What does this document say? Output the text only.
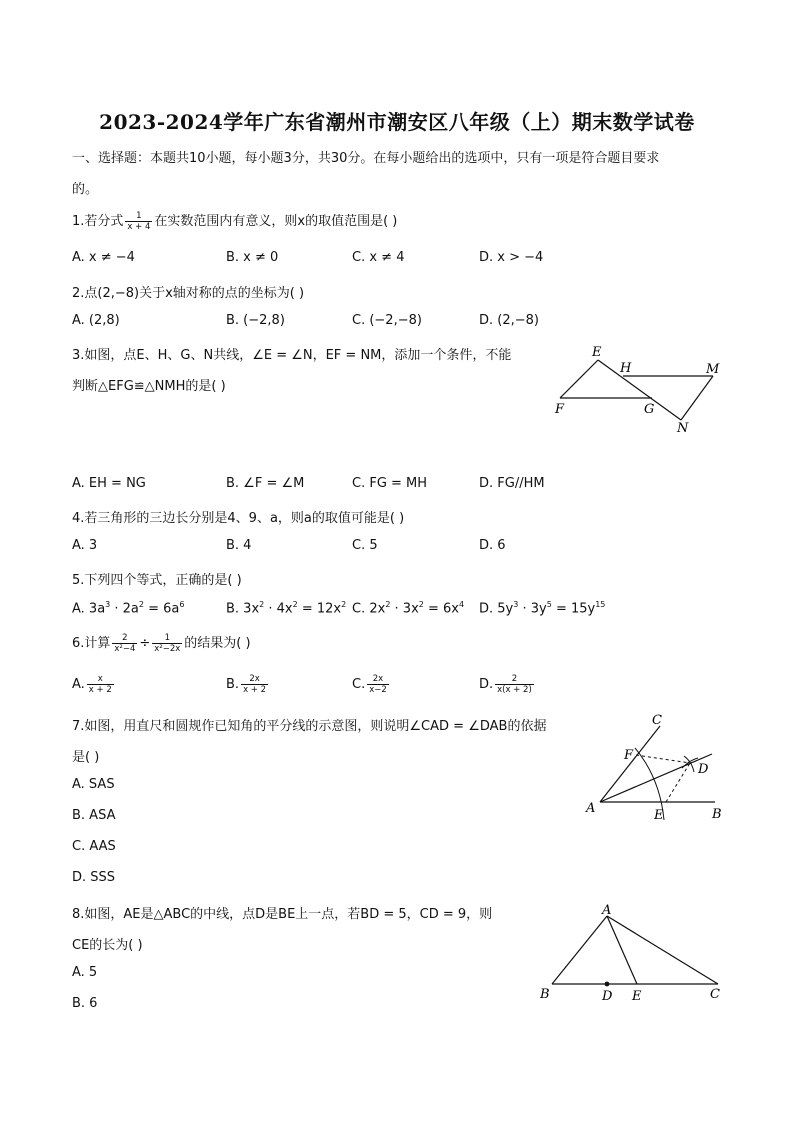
2023-2024学年广东省潮州市潮安区八年级（上）期末数学试卷
一、选择题：本题共10小题，每小题3分，共30分。在每小题给出的选项中，只有一项是符合题目要求
的。
1.若分式 $\frac{1}{x + 4}$ 在实数范围内有意义，则x的取值范围是( )
A. x ≠ −4	B. x ≠ 0	C. x ≠ 4	D. x > −4
2.点(2,−8)关于x轴对称的点的坐标为( )
A. (2,8)	B. (−2,8)	C. (−2,−8)	D. (2,−8)
3.如图，点E、H、G、N共线，∠E = ∠N，EF = NM，添加一个条件，不能
判断△EFG≌△NMH的是( )
E
H	M
F	G
N
A. EH = NG	B. ∠F = ∠M	C. FG = MH	D. FG//HM
4.若三角形的三边长分别是4、9、a，则a的取值可能是( )
A. 3	B. 4	C. 5	D. 6
5.下列四个等式，正确的是( )
A. $3a^3 \cdot 2a^2 = 6a^6$	B. $3x^2 \cdot 4x^2 = 12x^2$ C. $2x^2 \cdot 3x^2 = 6x^4$ D. $5y^3 \cdot 3y^5 = 15y^{15}$
6.计算 $\frac{2}{\text{x²−4}} \div \frac{1}{\text{x²−2x}}$ 的结果为( )
A. $\frac{x}{x + 2}$	B. $\frac{2x}{x + 2}$	C. $\frac{2x}{x-2}$	D. $\frac{2}{x(x + 2)}$
7.如图，用直尺和圆规作已知角的平分线的示意图，则说明∠CAD = ∠DAB的依据
是( )
A. SAS
B. ASA
C. AAS
D. SSS
C
F
D
A	E	B
8.如图，AE是△ABC的中线，点D是BE上一点，若BD = 5，CD = 9，则
CE的长为( )
A. 5
B. 6
A
B	D E	C
